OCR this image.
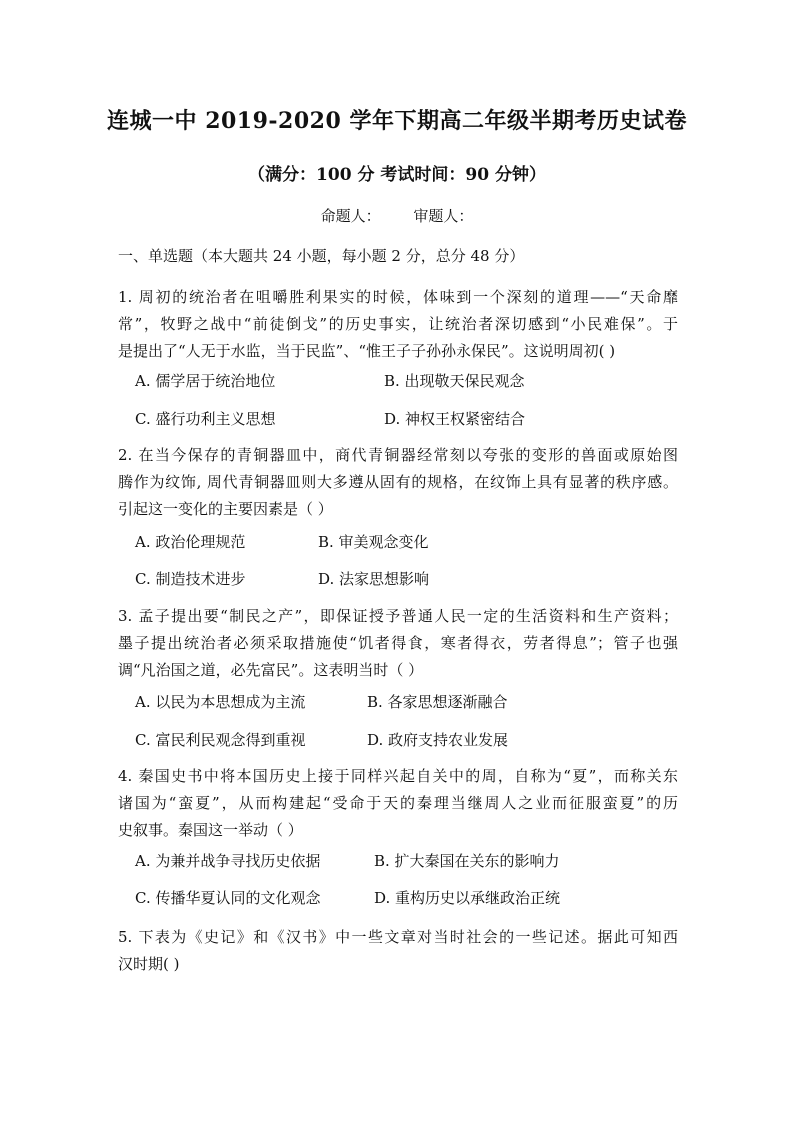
连城一中 2019-2020 学年下期高二年级半期考历史试卷
（满分：100 分 考试时间：90 分钟）
命题人： 审题人：
一、单选题（本大题共 24 小题，每小题 2 分，总分 48 分）
1. 周初的统治者在咀嚼胜利果实的时候，体味到一个深刻的道理——“天命靡
常”，牧野之战中“前徒倒戈”的历史事实，让统治者深切感到“小民难保”。于
是提出了“人无于水监，当于民监”、“惟王子子孙孙永保民”。这说明周初( )
A. 儒学居于统治地位	B. 出现敬天保民观念
C. 盛行功利主义思想	D. 神权王权紧密结合
2. 在当今保存的青铜器皿中，商代青铜器经常刻以夸张的变形的兽面或原始图
腾作为纹饰, 周代青铜器皿则大多遵从固有的规格，在纹饰上具有显著的秩序感。
引起这一变化的主要因素是（ ）
A. 政治伦理规范	B. 审美观念变化
C. 制造技术进步	D. 法家思想影响
3. 孟子提出要“制民之产”，即保证授予普通人民一定的生活资料和生产资料；
墨子提出统治者必须采取措施使“饥者得食，寒者得衣，劳者得息”；管子也强
调“凡治国之道，必先富民”。这表明当时（ ）
A. 以民为本思想成为主流	B. 各家思想逐渐融合
C. 富民利民观念得到重视	D. 政府支持农业发展
4. 秦国史书中将本国历史上接于同样兴起自关中的周，自称为“夏”，而称关东
诸国为“蛮夏”，从而构建起“受命于天的秦理当继周人之业而征服蛮夏”的历
史叙事。秦国这一举动（ ）
A. 为兼并战争寻找历史依据	B. 扩大秦国在关东的影响力
C. 传播华夏认同的文化观念	D. 重构历史以承继政治正统
5. 下表为《史记》和《汉书》中一些文章对当时社会的一些记述。据此可知西
汉时期( )
